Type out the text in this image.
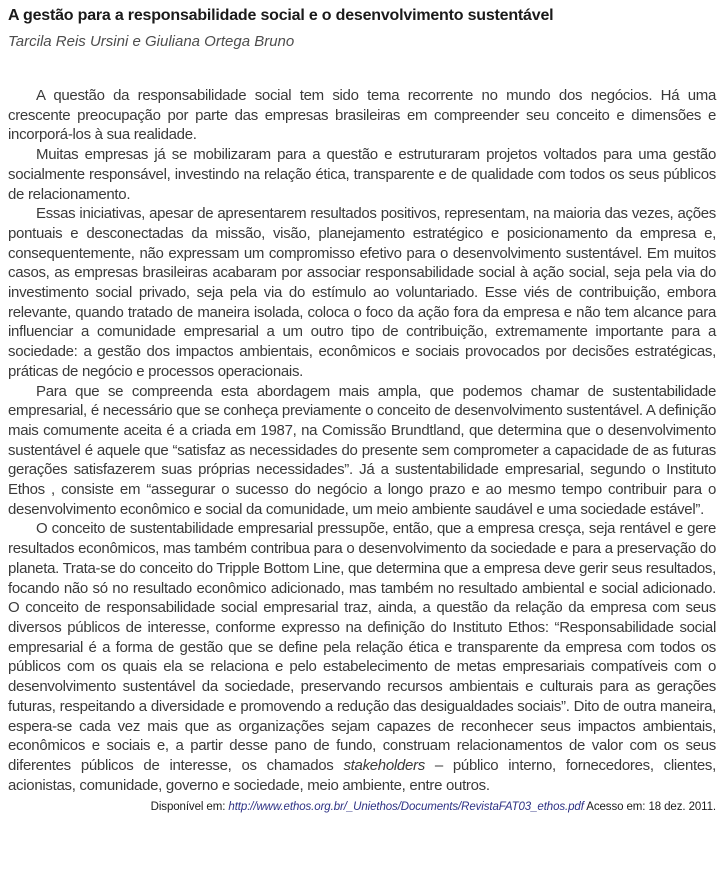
A gestão para a responsabilidade social e o desenvolvimento sustentável
Tarcila Reis Ursini e Giuliana Ortega Bruno

A questão da responsabilidade social tem sido tema recorrente no mundo dos negócios. Há uma crescente preocupação por parte das empresas brasileiras em compreender seu conceito e dimensões e incorporá-los à sua realidade.

Muitas empresas já se mobilizaram para a questão e estruturaram projetos voltados para uma gestão socialmente responsável, investindo na relação ética, transparente e de qualidade com todos os seus públicos de relacionamento.

Essas iniciativas, apesar de apresentarem resultados positivos, representam, na maioria das vezes, ações pontuais e desconectadas da missão, visão, planejamento estratégico e posicionamento da empresa e, consequentemente, não expressam um compromisso efetivo para o desenvolvimento sustentável. Em muitos casos, as empresas brasileiras acabaram por associar responsabilidade social à ação social, seja pela via do investimento social privado, seja pela via do estímulo ao voluntariado. Esse viés de contribuição, embora relevante, quando tratado de maneira isolada, coloca o foco da ação fora da empresa e não tem alcance para influenciar a comunidade empresarial a um outro tipo de contribuição, extremamente importante para a sociedade: a gestão dos impactos ambientais, econômicos e sociais provocados por decisões estratégicas, práticas de negócio e processos operacionais.

Para que se compreenda esta abordagem mais ampla, que podemos chamar de sustentabilidade empresarial, é necessário que se conheça previamente o conceito de desenvolvimento sustentável. A definição mais comumente aceita é a criada em 1987, na Comissão Brundtland, que determina que o desenvolvimento sustentável é aquele que “satisfaz as necessidades do presente sem comprometer a capacidade de as futuras gerações satisfazerem suas próprias necessidades”. Já a sustentabilidade empresarial, segundo o Instituto Ethos , consiste em “assegurar o sucesso do negócio a longo prazo e ao mesmo tempo contribuir para o desenvolvimento econômico e social da comunidade, um meio ambiente saudável e uma sociedade estável”.

O conceito de sustentabilidade empresarial pressupõe, então, que a empresa cresça, seja rentável e gere resultados econômicos, mas também contribua para o desenvolvimento da sociedade e para a preservação do planeta. Trata-se do conceito do Tripple Bottom Line, que determina que a empresa deve gerir seus resultados, focando não só no resultado econômico adicionado, mas também no resultado ambiental e social adicionado. O conceito de responsabilidade social empresarial traz, ainda, a questão da relação da empresa com seus diversos públicos de interesse, conforme expresso na definição do Instituto Ethos: “Responsabilidade social empresarial é a forma de gestão que se define pela relação ética e transparente da empresa com todos os públicos com os quais ela se relaciona e pelo estabelecimento de metas empresariais compatíveis com o desenvolvimento sustentável da sociedade, preservando recursos ambientais e culturais para as gerações futuras, respeitando a diversidade e promovendo a redução das desigualdades sociais”. Dito de outra maneira, espera-se cada vez mais que as organizações sejam capazes de reconhecer seus impactos ambientais, econômicos e sociais e, a partir desse pano de fundo, construam relacionamentos de valor com os seus diferentes públicos de interesse, os chamados stakeholders – público interno, fornecedores, clientes, acionistas, comunidade, governo e sociedade, meio ambiente, entre outros.

Disponível em: http://www.ethos.org.br/_Uniethos/Documents/RevistaFAT03_ethos.pdf Acesso em: 18 dez. 2011.
